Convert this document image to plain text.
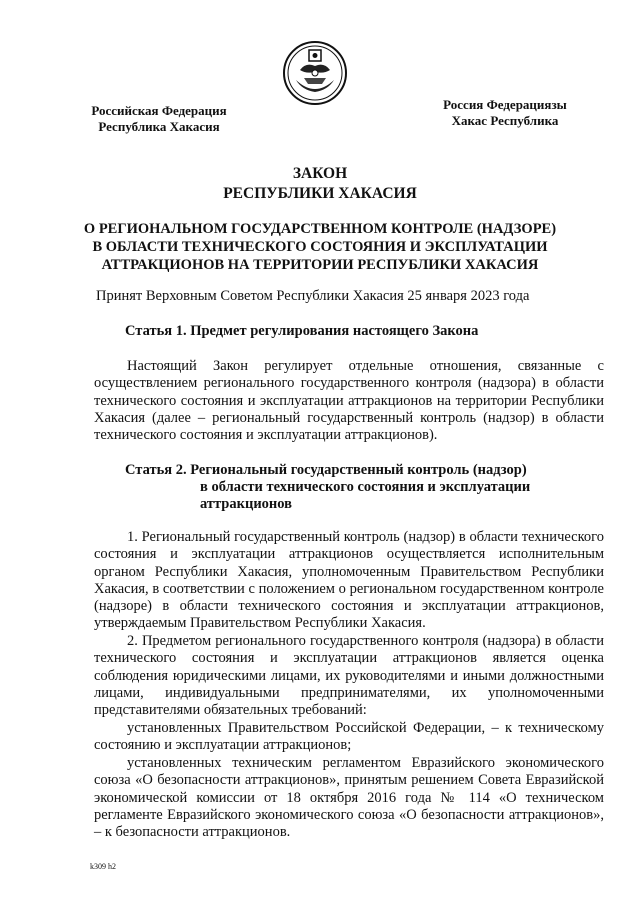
Российская Федерация
Республика Хакасия
Россия Федерациязы
Хакас Республика
ЗАКОН
РЕСПУБЛИКИ ХАКАСИЯ
О РЕГИОНАЛЬНОМ ГОСУДАРСТВЕННОМ КОНТРОЛЕ (НАДЗОРЕ)
В ОБЛАСТИ ТЕХНИЧЕСКОГО СОСТОЯНИЯ И ЭКСПЛУАТАЦИИ
АТТРАКЦИОНОВ НА ТЕРРИТОРИИ РЕСПУБЛИКИ ХАКАСИЯ
Принят Верховным Советом Республики Хакасия 25 января 2023 года
Статья 1. Предмет регулирования настоящего Закона

Настоящий Закон регулирует отдельные отношения, связанные с осуществлением регионального государственного контроля (надзора) в области технического состояния и эксплуатации аттракционов на территории Республики Хакасия (далее – региональный государственный контроль (надзор) в области технического состояния и эксплуатации аттракционов).

Статья 2. Региональный государственный контроль (надзор)
в области технического состояния и эксплуатации
аттракционов

1. Региональный государственный контроль (надзор) в области технического состояния и эксплуатации аттракционов осуществляется исполнительным органом Республики Хакасия, уполномоченным Правительством Республики Хакасия, в соответствии с положением о региональном государственном контроле (надзоре) в области технического состояния и эксплуатации аттракционов, утверждаемым Правительством Республики Хакасия.

2. Предметом регионального государственного контроля (надзора) в области технического состояния и эксплуатации аттракционов является оценка соблюдения юридическими лицами, их руководителями и иными должностными лицами, индивидуальными предпринимателями, их уполномоченными представителями обязательных требований:

установленных Правительством Российской Федерации, – к техническому состоянию и эксплуатации аттракционов;

установленных техническим регламентом Евразийского экономического союза «О безопасности аттракционов», принятым решением Совета Евразийской экономической комиссии от 18 октября 2016 года № 114 «О техническом регламенте Евразийского экономического союза «О безопасности аттракционов», – к безопасности аттракционов.

k309 h2
